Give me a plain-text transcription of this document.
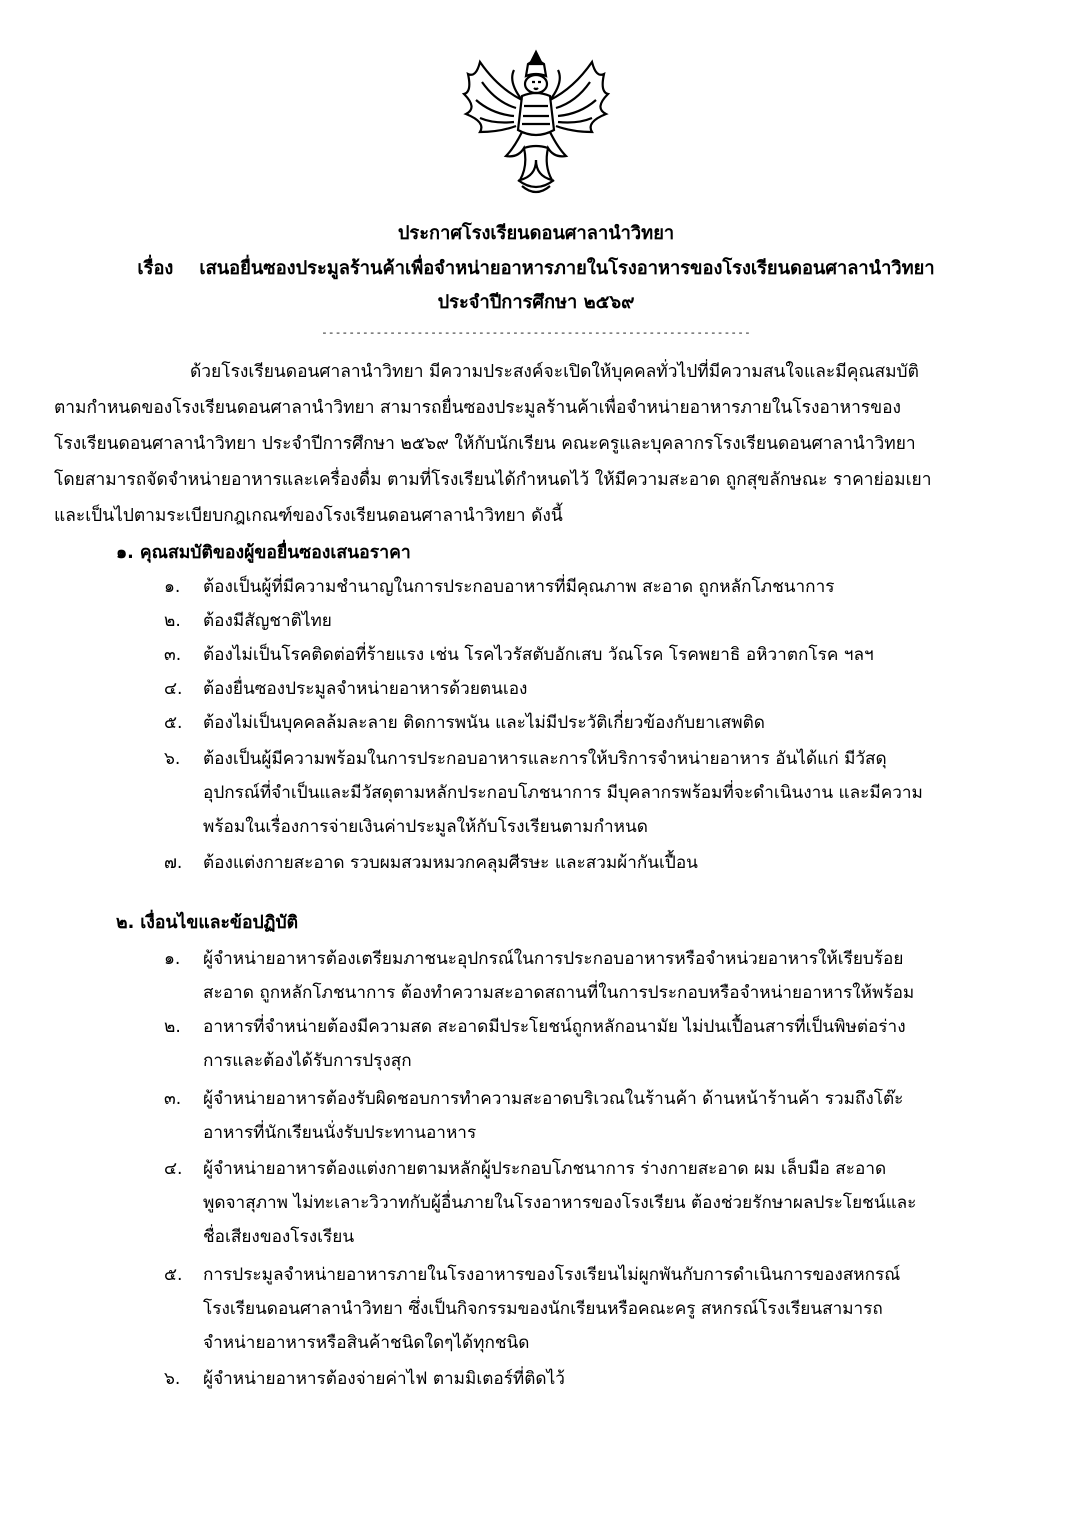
ประกาศโรงเรียนดอนศาลานำวิทยา
เรื่อง เสนอยื่นซองประมูลร้านค้าเพื่อจำหน่ายอาหารภายในโรงอาหารของโรงเรียนดอนศาลานำวิทยา
ประจำปีการศึกษา ๒๕๖๙
---------------------------------------------------------------
ด้วยโรงเรียนดอนศาลานำวิทยา มีความประสงค์จะเปิดให้บุคคลทั่วไปที่มีความสนใจและมีคุณสมบัติ
ตามกำหนดของโรงเรียนดอนศาลานำวิทยา สามารถยื่นซองประมูลร้านค้าเพื่อจำหน่ายอาหารภายในโรงอาหารของ
โรงเรียนดอนศาลานำวิทยา ประจำปีการศึกษา ๒๕๖๙ ให้กับนักเรียน คณะครูและบุคลากรโรงเรียนดอนศาลานำวิทยา
โดยสามารถจัดจำหน่ายอาหารและเครื่องดื่ม ตามที่โรงเรียนได้กำหนดไว้ ให้มีความสะอาด ถูกสุขลักษณะ ราคาย่อมเยา
และเป็นไปตามระเบียบกฎเกณฑ์ของโรงเรียนดอนศาลานำวิทยา ดังนี้
๑. คุณสมบัติของผู้ขอยื่นซองเสนอราคา
๑. ต้องเป็นผู้ที่มีความชำนาญในการประกอบอาหารที่มีคุณภาพ สะอาด ถูกหลักโภชนาการ
๒. ต้องมีสัญชาติไทย
๓. ต้องไม่เป็นโรคติดต่อที่ร้ายแรง เช่น โรคไวรัสตับอักเสบ วัณโรค โรคพยาธิ อหิวาตกโรค ฯลฯ
๔. ต้องยื่นซองประมูลจำหน่ายอาหารด้วยตนเอง
๕. ต้องไม่เป็นบุคคลล้มละลาย ติดการพนัน และไม่มีประวัติเกี่ยวข้องกับยาเสพติด
๖. ต้องเป็นผู้มีความพร้อมในการประกอบอาหารและการให้บริการจำหน่ายอาหาร อันได้แก่ มีวัสดุ
อุปกรณ์ที่จำเป็นและมีวัสดุตามหลักประกอบโภชนาการ มีบุคลากรพร้อมที่จะดำเนินงาน และมีความ
พร้อมในเรื่องการจ่ายเงินค่าประมูลให้กับโรงเรียนตามกำหนด
๗. ต้องแต่งกายสะอาด รวบผมสวมหมวกคลุมศีรษะ และสวมผ้ากันเปื้อน
๒. เงื่อนไขและข้อปฏิบัติ
๑. ผู้จำหน่ายอาหารต้องเตรียมภาชนะอุปกรณ์ในการประกอบอาหารหรือจำหน่วยอาหารให้เรียบร้อย
สะอาด ถูกหลักโภชนาการ ต้องทำความสะอาดสถานที่ในการประกอบหรือจำหน่ายอาหารให้พร้อม
๒. อาหารที่จำหน่ายต้องมีความสด สะอาดมีประโยชน์ถูกหลักอนามัย ไม่ปนเปื้อนสารที่เป็นพิษต่อร่าง
การและต้องได้รับการปรุงสุก
๓. ผู้จำหน่ายอาหารต้องรับผิดชอบการทำความสะอาดบริเวณในร้านค้า ด้านหน้าร้านค้า รวมถึงโต๊ะ
อาหารที่นักเรียนนั่งรับประทานอาหาร
๔. ผู้จำหน่ายอาหารต้องแต่งกายตามหลักผู้ประกอบโภชนาการ ร่างกายสะอาด ผม เล็บมือ สะอาด
พูดจาสุภาพ ไม่ทะเลาะวิวาทกับผู้อื่นภายในโรงอาหารของโรงเรียน ต้องช่วยรักษาผลประโยชน์และ
ชื่อเสียงของโรงเรียน
๕. การประมูลจำหน่ายอาหารภายในโรงอาหารของโรงเรียนไม่ผูกพันกับการดำเนินการของสหกรณ์
โรงเรียนดอนศาลานำวิทยา ซึ่งเป็นกิจกรรมของนักเรียนหรือคณะครู สหกรณ์โรงเรียนสามารถ
จำหน่ายอาหารหรือสินค้าชนิดใดๆได้ทุกชนิด
๖. ผู้จำหน่ายอาหารต้องจ่ายค่าไฟ ตามมิเตอร์ที่ติดไว้
